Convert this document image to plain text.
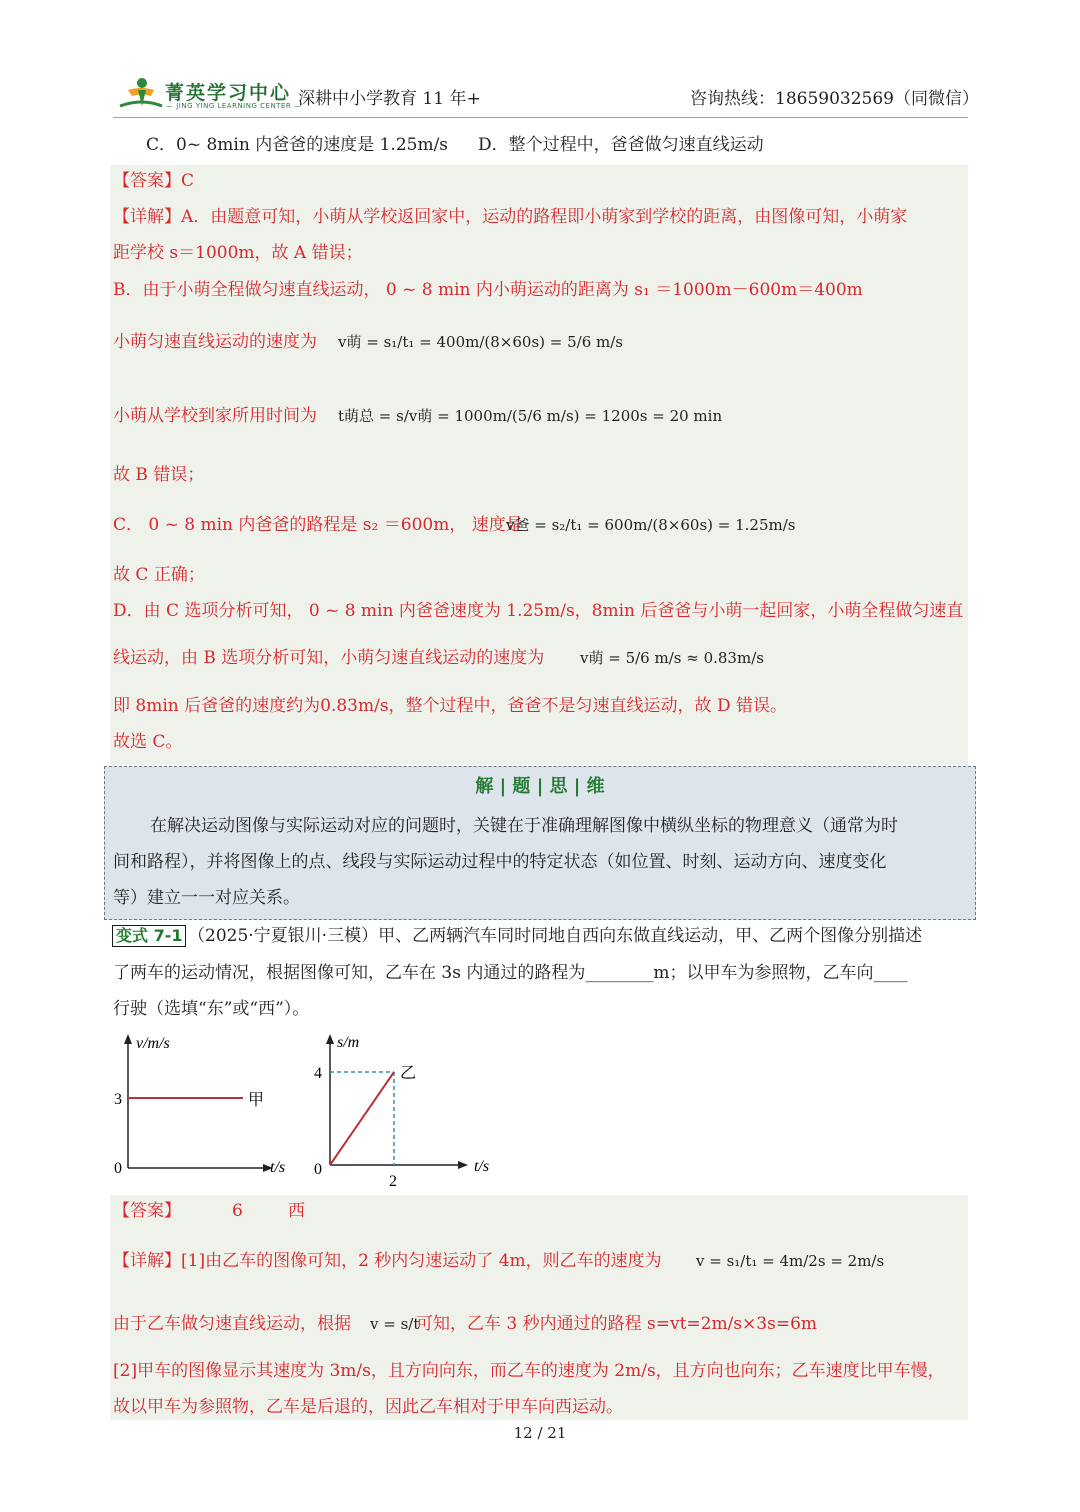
菁英学习中心
— JING YING LEARNING CENTER —
深耕中小学教育 11 年+	咨询热线：18659032569（同微信）
C．0~ 8min 内爸爸的速度是 1.25m/s D．整个过程中，爸爸做匀速直线运动
【答案】C
【详解】A．由题意可知，小萌从学校返回家中，运动的路程即小萌家到学校的距离，由图像可知，小萌家
距学校 s＝1000m，故 A 错误；
B．由于小萌全程做匀速直线运动， 0 ~ 8 min 内小萌运动的距离为 s₁ ＝1000m－600m＝400m
小萌匀速直线运动的速度为 v萌 = s₁/t₁ = 400m/(8×60s) = 5/6 m/s
小萌从学校到家所用时间为 t萌总 = s/v萌 = 1000m/(5/6 m/s) = 1200s = 20 min
故 B 错误；
C． 0 ~ 8 min 内爸爸的路程是 s₂ ＝600m， 速度是
v爸 = s₂/t₁ = 600m/(8×60s) = 1.25m/s
故 C 正确；
D．由 C 选项分析可知， 0 ~ 8 min 内爸爸速度为 1.25m/s，8min 后爸爸与小萌一起回家，小萌全程做匀速直
线运动，由 B 选项分析可知，小萌匀速直线运动的速度为 v萌 = 5/6 m/s ≈ 0.83m/s
即 8min 后爸爸的速度约为0.83m/s，整个过程中，爸爸不是匀速直线运动，故 D 错误。
故选 C。
解 | 题 | 思 | 维
在解决运动图像与实际运动对应的问题时，关键在于准确理解图像中横纵坐标的物理意义（通常为时
间和路程），并将图像上的点、线段与实际运动过程中的特定状态（如位置、时刻、运动方向、速度变化
等）建立一一对应关系。
变式 7-1 （2025·宁夏银川·三模）甲、乙两辆汽车同时同地自西向东做直线运动，甲、乙两个图像分别描述
了两车的运动情况，根据图像可知，乙车在 3s 内通过的路程为________m；以甲车为参照物，乙车向____
行驶（选填“东”或“西”）。
v/m/s
t/s
0
3	甲
s/m
t/s
0
4
2
乙
【答案】	6	西
【详解】[1]由乙车的图像可知，2 秒内匀速运动了 4m，则乙车的速度为 v = s₁/t₁ = 4m/2s = 2m/s
由于乙车做匀速直线运动，根据 v = s/t
可知，乙车 3 秒内通过的路程 s=vt=2m/s×3s=6m
[2]甲车的图像显示其速度为 3m/s，且方向向东，而乙车的速度为 2m/s，且方向也向东；乙车速度比甲车慢，
故以甲车为参照物，乙车是后退的，因此乙车相对于甲车向西运动。
12 / 21
